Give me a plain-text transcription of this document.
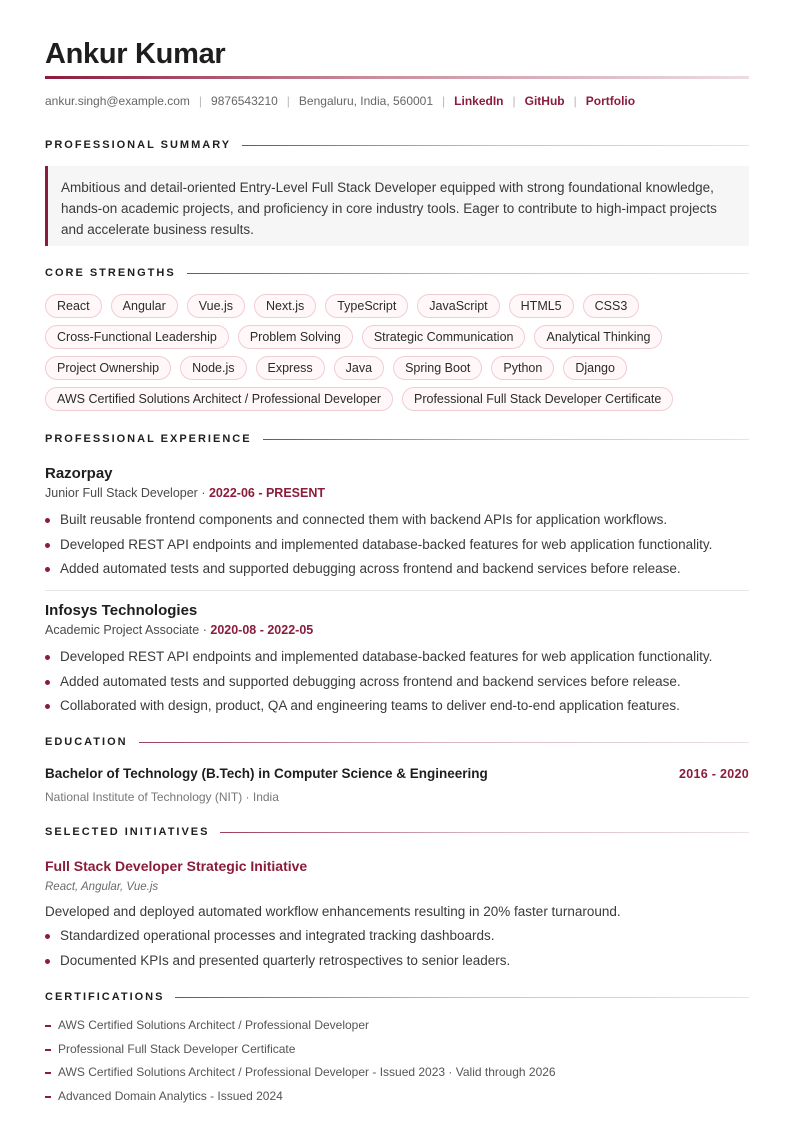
Ankur Kumar
ankur.singh@example.com | 9876543210 | Bengaluru, India, 560001 | LinkedIn | GitHub | Portfolio
PROFESSIONAL SUMMARY
Ambitious and detail-oriented Entry-Level Full Stack Developer equipped with strong foundational knowledge, hands-on academic projects, and proficiency in core industry tools. Eager to contribute to high-impact projects and accelerate business results.
CORE STRENGTHS
React	Angular	Vue.js	Next.js	TypeScript	JavaScript	HTML5	CSS3
Cross-Functional Leadership	Problem Solving	Strategic Communication	Analytical Thinking
Project Ownership	Node.js	Express	Java	Spring Boot	Python	Django
AWS Certified Solutions Architect / Professional Developer	Professional Full Stack Developer Certificate
PROFESSIONAL EXPERIENCE
Razorpay
Junior Full Stack Developer · 2022-06 - PRESENT
Built reusable frontend components and connected them with backend APIs for application workflows.
Developed REST API endpoints and implemented database-backed features for web application functionality.
Added automated tests and supported debugging across frontend and backend services before release.
Infosys Technologies
Academic Project Associate · 2020-08 - 2022-05
Developed REST API endpoints and implemented database-backed features for web application functionality.
Added automated tests and supported debugging across frontend and backend services before release.
Collaborated with design, product, QA and engineering teams to deliver end-to-end application features.
EDUCATION
Bachelor of Technology (B.Tech) in Computer Science & Engineering	2016 - 2020
National Institute of Technology (NIT) · India
SELECTED INITIATIVES
Full Stack Developer Strategic Initiative
React, Angular, Vue.js
Developed and deployed automated workflow enhancements resulting in 20% faster turnaround.
Standardized operational processes and integrated tracking dashboards.
Documented KPIs and presented quarterly retrospectives to senior leaders.
CERTIFICATIONS
AWS Certified Solutions Architect / Professional Developer
Professional Full Stack Developer Certificate
AWS Certified Solutions Architect / Professional Developer - Issued 2023 · Valid through 2026
Advanced Domain Analytics - Issued 2024
